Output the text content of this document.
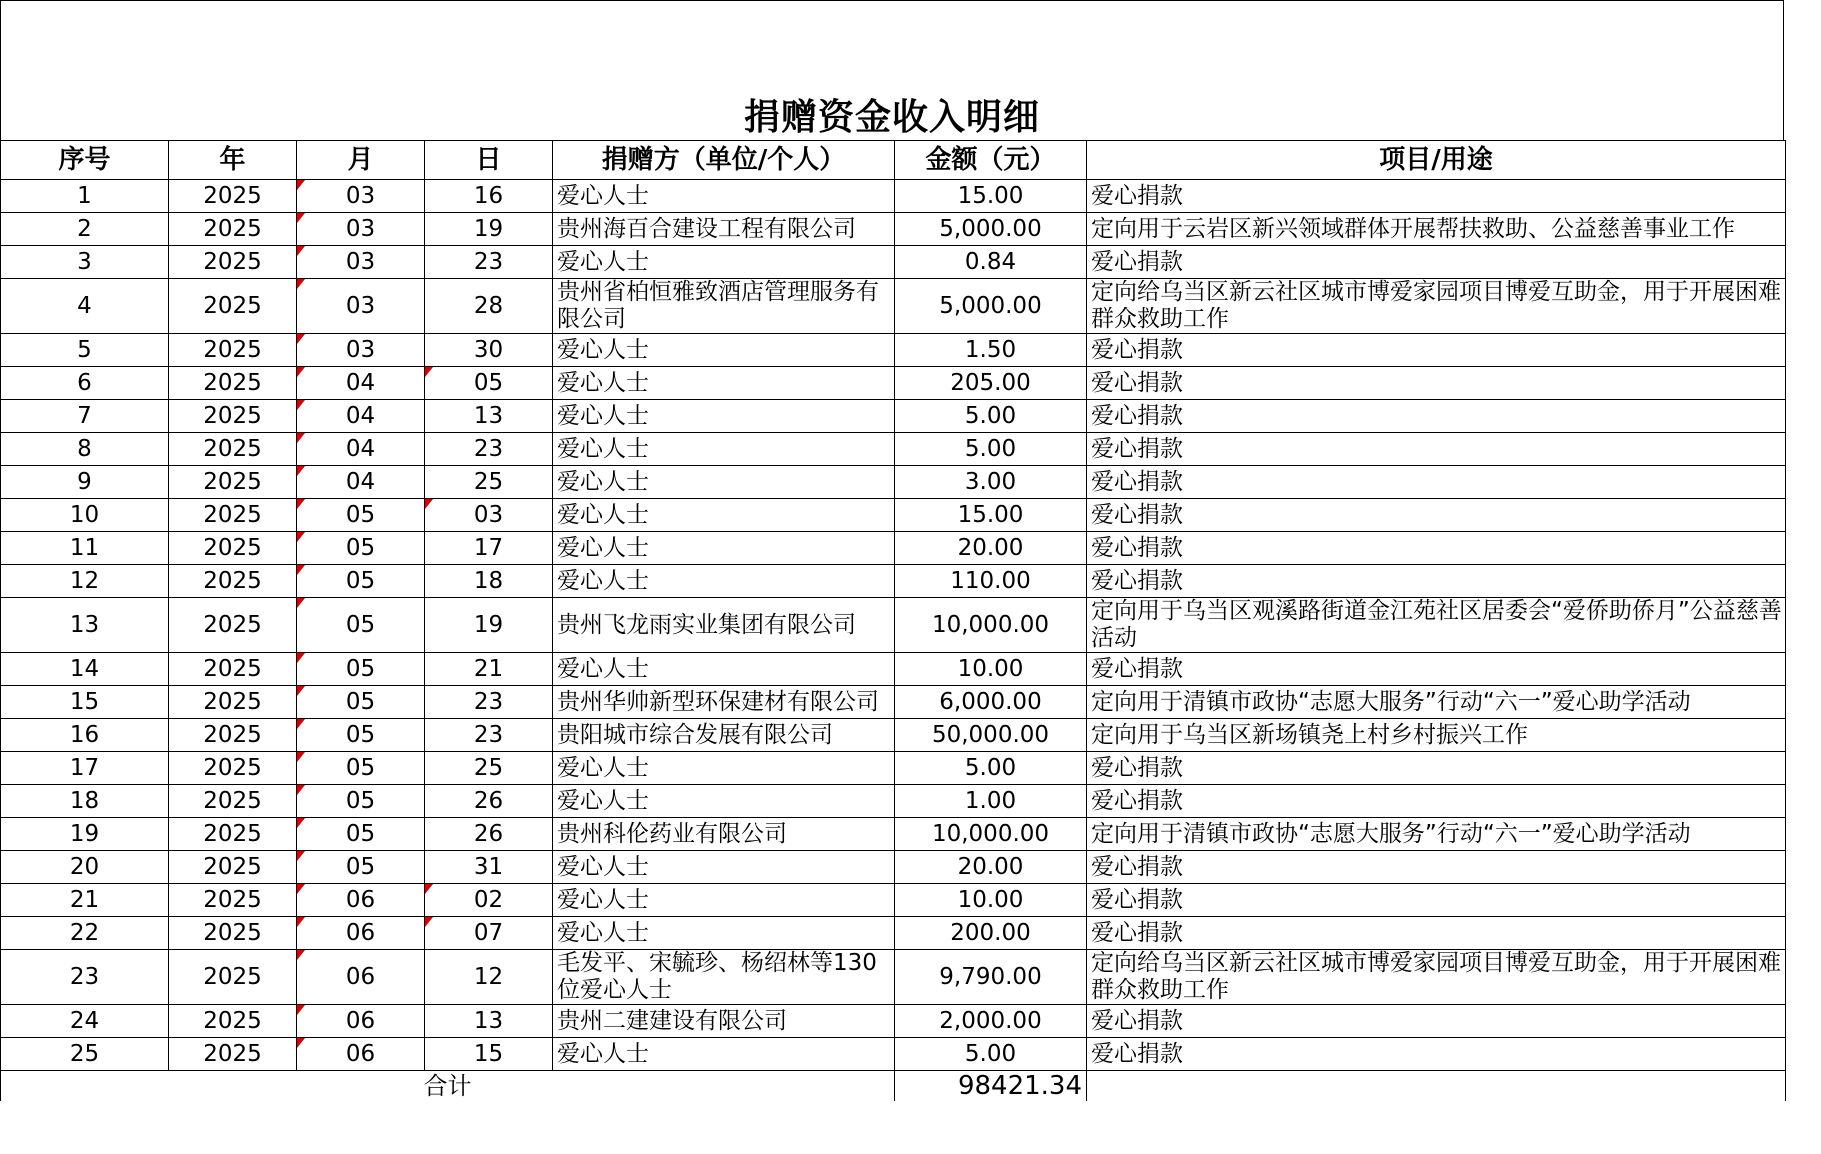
捐赠资金收入明细
序号	年	月	日	捐赠方（单位/个人）	金额（元）	项目/用途
1	2025	03	16	爱心人士	15.00	爱心捐款
2	2025	03	19	贵州海百合建设工程有限公司	5,000.00	定向用于云岩区新兴领域群体开展帮扶救助、公益慈善事业工作
3	2025	03	23	爱心人士	0.84	爱心捐款
4	2025	03	28	贵州省柏恒雅致酒店管理服务有限公司	5,000.00	定向给乌当区新云社区城市博爱家园项目博爱互助金，用于开展困难群众救助工作
5	2025	03	30	爱心人士	1.50	爱心捐款
6	2025	04	05	爱心人士	205.00	爱心捐款
7	2025	04	13	爱心人士	5.00	爱心捐款
8	2025	04	23	爱心人士	5.00	爱心捐款
9	2025	04	25	爱心人士	3.00	爱心捐款
10	2025	05	03	爱心人士	15.00	爱心捐款
11	2025	05	17	爱心人士	20.00	爱心捐款
12	2025	05	18	爱心人士	110.00	爱心捐款
13	2025	05	19	贵州飞龙雨实业集团有限公司	10,000.00	定向用于乌当区观溪路街道金江苑社区居委会“爱侨助侨月”公益慈善活动
14	2025	05	21	爱心人士	10.00	爱心捐款
15	2025	05	23	贵州华帅新型环保建材有限公司	6,000.00	定向用于清镇市政协“志愿大服务”行动“六一”爱心助学活动
16	2025	05	23	贵阳城市综合发展有限公司	50,000.00	定向用于乌当区新场镇尧上村乡村振兴工作
17	2025	05	25	爱心人士	5.00	爱心捐款
18	2025	05	26	爱心人士	1.00	爱心捐款
19	2025	05	26	贵州科伦药业有限公司	10,000.00	定向用于清镇市政协“志愿大服务”行动“六一”爱心助学活动
20	2025	05	31	爱心人士	20.00	爱心捐款
21	2025	06	02	爱心人士	10.00	爱心捐款
22	2025	06	07	爱心人士	200.00	爱心捐款
23	2025	06	12	毛发平、宋毓珍、杨绍林等130位爱心人士	9,790.00	定向给乌当区新云社区城市博爱家园项目博爱互助金，用于开展困难群众救助工作
24	2025	06	13	贵州二建建设有限公司	2,000.00	爱心捐款
25	2025	06	15	爱心人士	5.00	爱心捐款
合计					98421.34	
